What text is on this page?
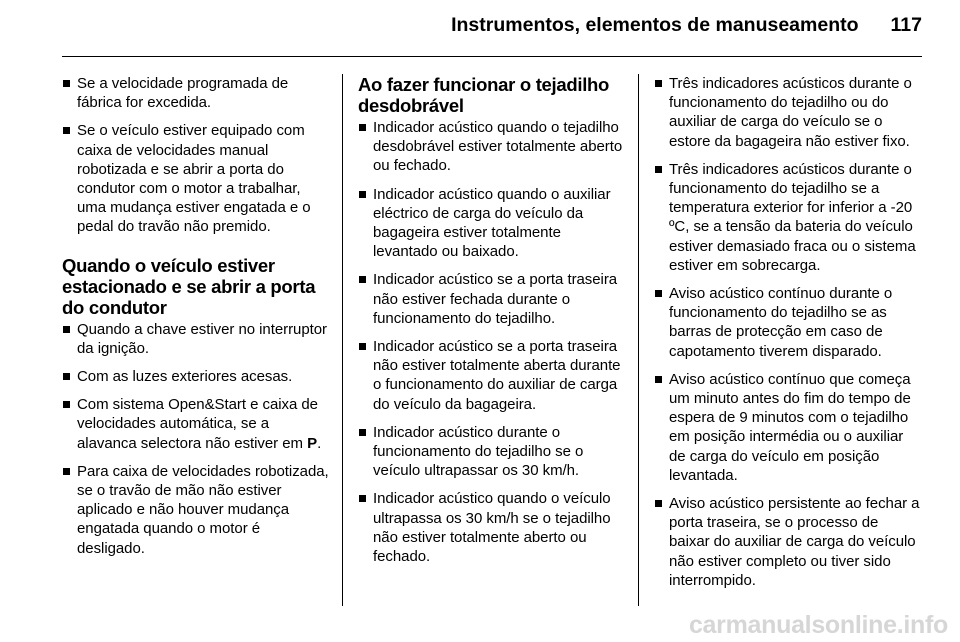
Instrumentos, elementos de manuseamento 117
Se a velocidade programada de fábrica for excedida.
Se o veículo estiver equipado com caixa de velocidades manual robotizada e se abrir a porta do condutor com o motor a trabalhar, uma mudança estiver engatada e o pedal do travão não premido.
Quando o veículo estiver estacionado e se abrir a porta do condutor
Quando a chave estiver no interruptor da ignição.
Com as luzes exteriores acesas.
Com sistema Open&Start e caixa de velocidades automática, se a alavanca selectora não estiver em P.
Para caixa de velocidades robotizada, se o travão de mão não estiver aplicado e não houver mudança engatada quando o motor é desligado.
Ao fazer funcionar o tejadilho desdobrável
Indicador acústico quando o tejadilho desdobrável estiver totalmente aberto ou fechado.
Indicador acústico quando o auxiliar eléctrico de carga do veículo da bagageira estiver totalmente levantado ou baixado.
Indicador acústico se a porta traseira não estiver fechada durante o funcionamento do tejadilho.
Indicador acústico se a porta traseira não estiver totalmente aberta durante o funcionamento do auxiliar de carga do veículo da bagageira.
Indicador acústico durante o funcionamento do tejadilho se o veículo ultrapassar os 30 km/h.
Indicador acústico quando o veículo ultrapassa os 30 km/h se o tejadilho não estiver totalmente aberto ou fechado.
Três indicadores acústicos durante o funcionamento do tejadilho ou do auxiliar de carga do veículo se o estore da bagageira não estiver fixo.
Três indicadores acústicos durante o funcionamento do tejadilho se a temperatura exterior for inferior a -20 ºC, se a tensão da bateria do veículo estiver demasiado fraca ou o sistema estiver em sobrecarga.
Aviso acústico contínuo durante o funcionamento do tejadilho se as barras de protecção em caso de capotamento tiverem disparado.
Aviso acústico contínuo que começa um minuto antes do fim do tempo de espera de 9 minutos com o tejadilho em posição intermédia ou o auxiliar de carga do veículo em posição levantada.
Aviso acústico persistente ao fechar a porta traseira, se o processo de baixar do auxiliar de carga do veículo não estiver completo ou tiver sido interrompido.
carmanualsonline.info
